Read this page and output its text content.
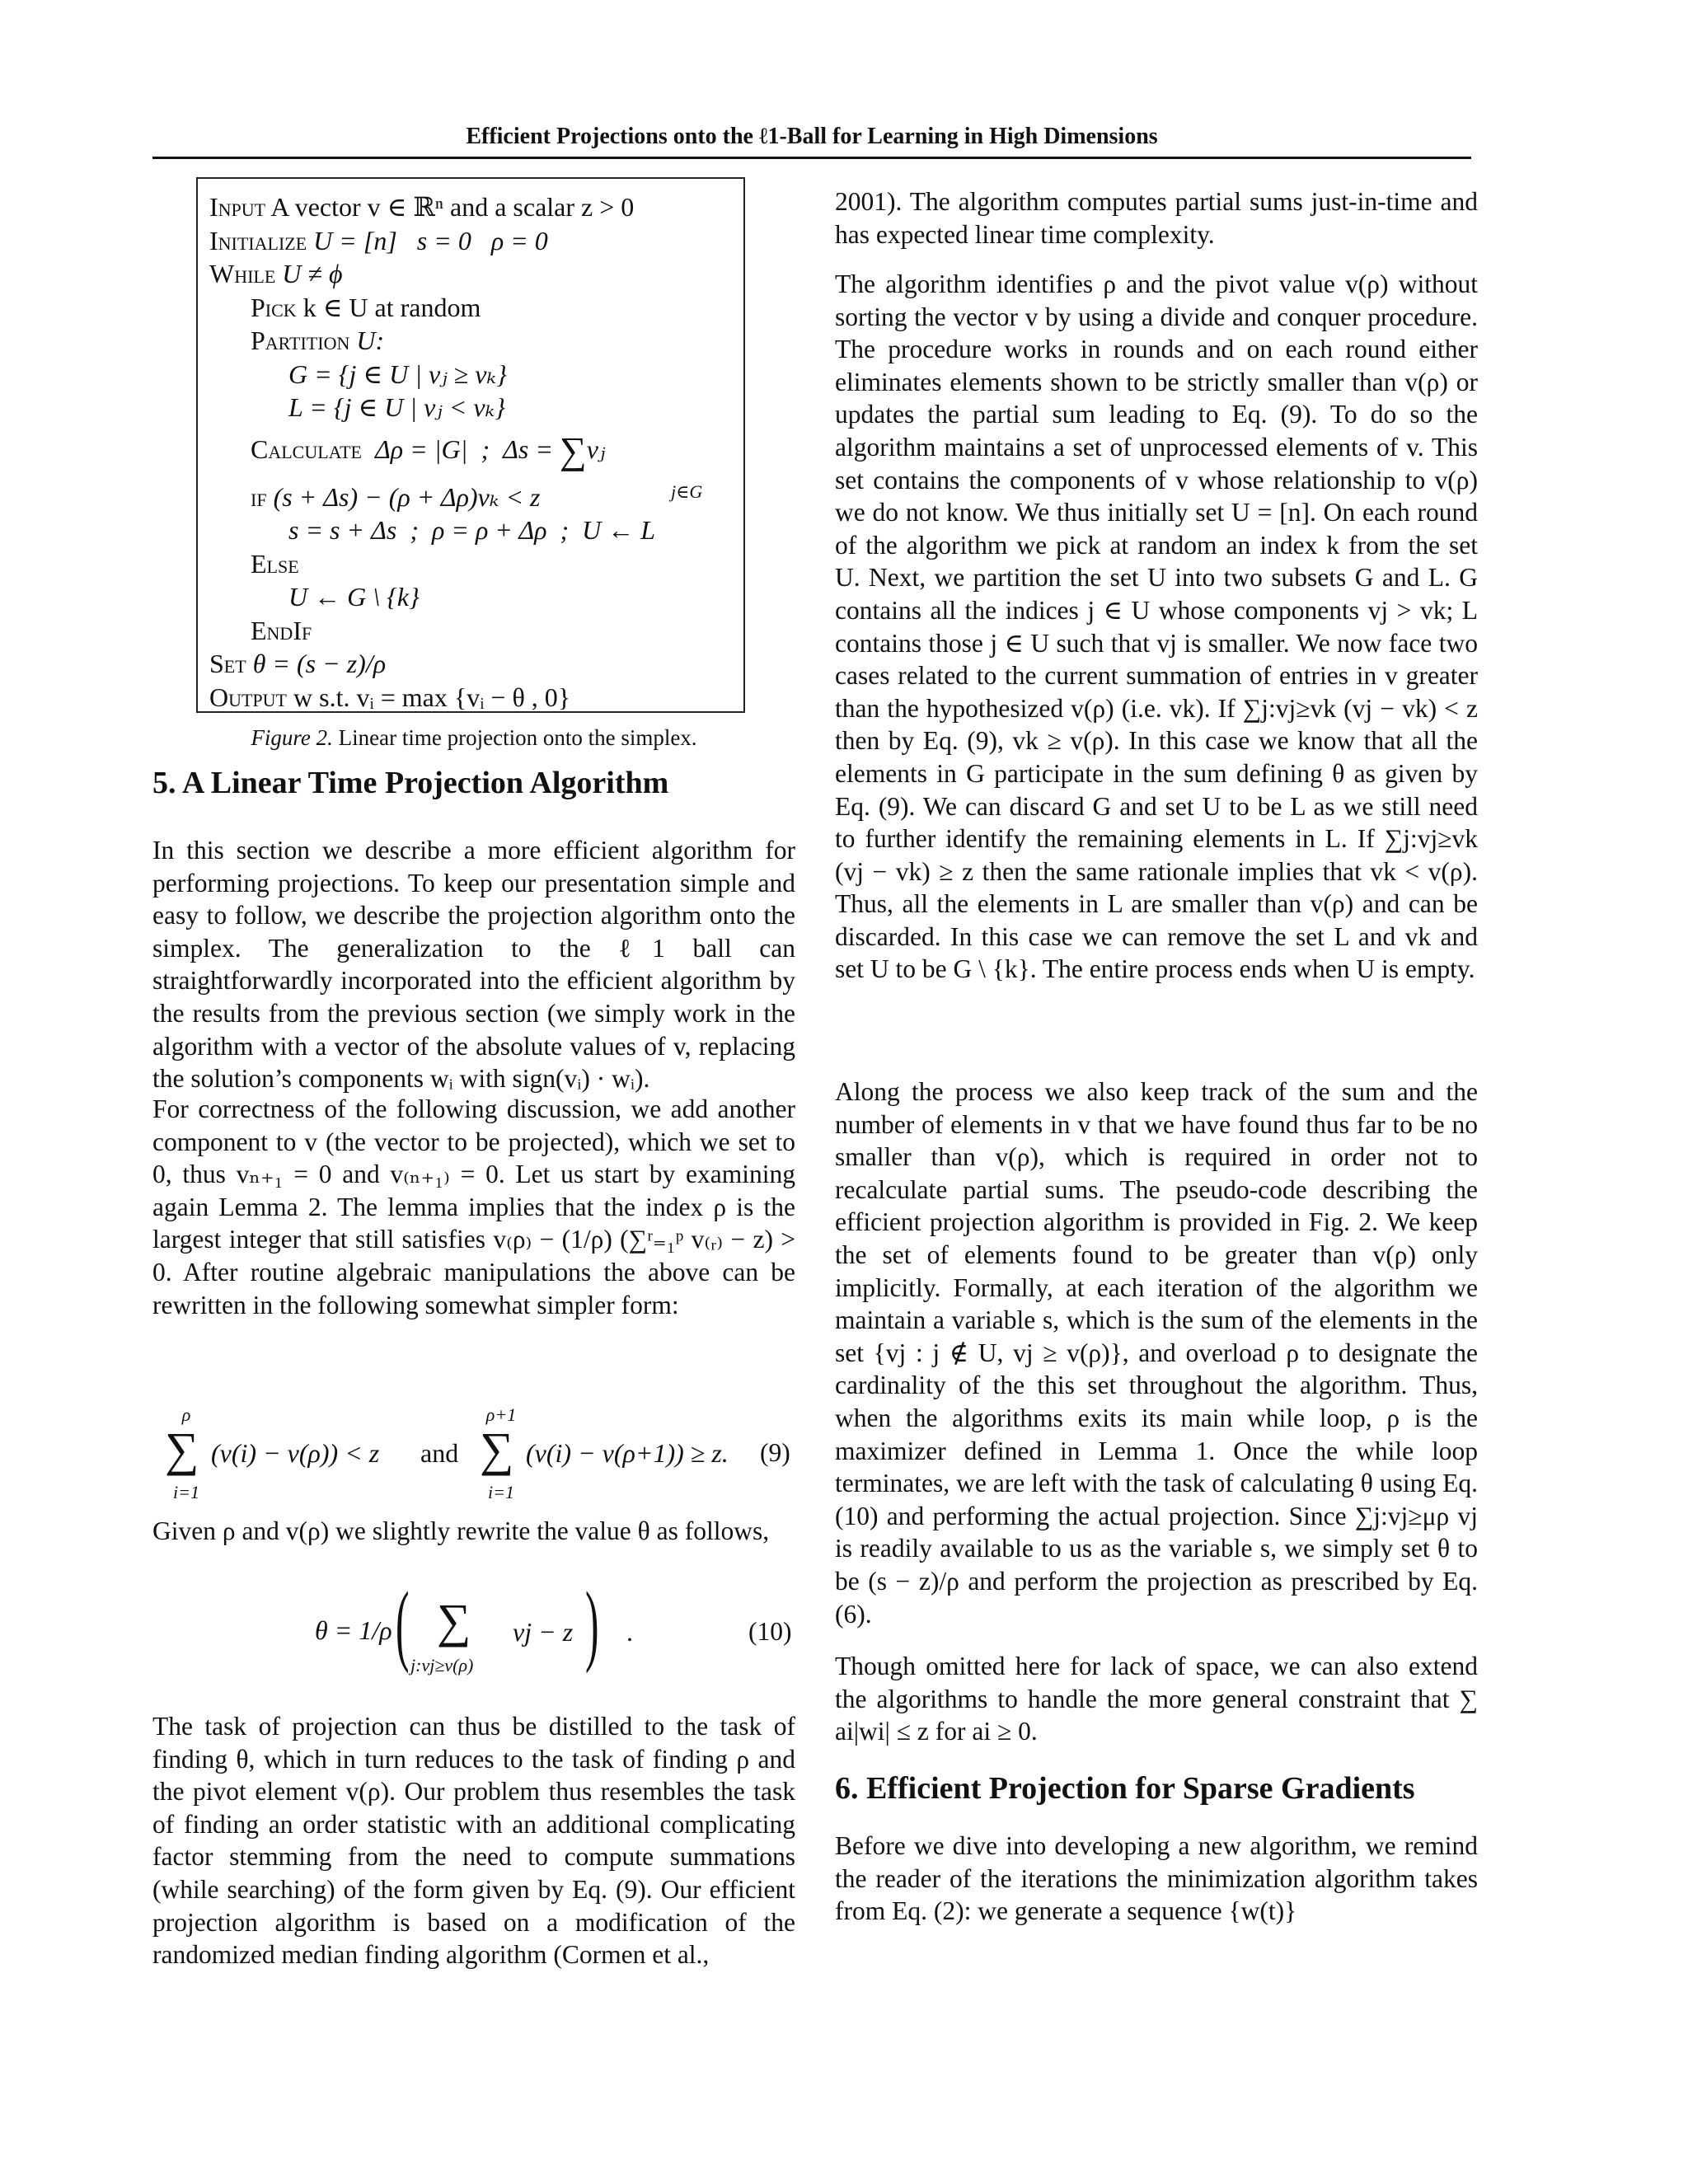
Efficient Projections onto the ℓ1-Ball for Learning in High Dimensions
Input A vector v ∈ ℝⁿ and a scalar z > 0
Initialize U = [n]   s = 0   ρ = 0
While U ≠ ϕ
Pick k ∈ U at random
Partition U:
G = {j ∈ U | vⱼ ≥ vₖ}
L = {j ∈ U | vⱼ < vₖ}
Calculate  Δρ = |G|  ;  Δs = ∑vⱼ
j∈G
if (s + Δs) − (ρ + Δρ)vₖ < z
s = s + Δs  ;  ρ = ρ + Δρ  ;  U ← L
Else
U ← G \ {k}
EndIf
Set θ = (s − z)/ρ
Output w s.t. vᵢ = max {vᵢ − θ , 0}
Figure 2. Linear time projection onto the simplex.
5. A Linear Time Projection Algorithm

In this section we describe a more efficient algorithm for performing projections. To keep our presentation simple and easy to follow, we describe the projection algorithm onto the simplex. The generalization to the ℓ1 ball can straightforwardly incorporated into the efficient algorithm by the results from the previous section (we simply work in the algorithm with a vector of the absolute values of v, replacing the solution’s components wᵢ with sign(vᵢ) · wᵢ).

For correctness of the following discussion, we add another component to v (the vector to be projected), which we set to 0, thus vₙ₊₁ = 0 and v₍ₙ₊₁₎ = 0. Let us start by examining again Lemma 2. The lemma implies that the index ρ is the largest integer that still satisfies v₍ρ₎ − (1/ρ) (∑ʳ₌₁ᵖ v₍ᵣ₎ − z) > 0. After routine algebraic manipulations the above can be rewritten in the following somewhat simpler form:

Given ρ and v(ρ) we slightly rewrite the value θ as follows,

The task of projection can thus be distilled to the task of finding θ, which in turn reduces to the task of finding ρ and the pivot element v(ρ). Our problem thus resembles the task of finding an order statistic with an additional complicating factor stemming from the need to compute summations (while searching) of the form given by Eq. (9). Our efficient projection algorithm is based on a modification of the randomized median finding algorithm (Cormen et al.,

ρ
∑
i=1
(v(i) − v(ρ)) < z and
ρ+1
∑
i=1
(v(i) − v(ρ+1)) ≥ z. (9)
θ = 1/ρ ( ∑
j:vj≥v(ρ)
vj − z ) .	(10)

2001). The algorithm computes partial sums just-in-time and has expected linear time complexity.

The algorithm identifies ρ and the pivot value v(ρ) without sorting the vector v by using a divide and conquer procedure. The procedure works in rounds and on each round either eliminates elements shown to be strictly smaller than v(ρ) or updates the partial sum leading to Eq. (9). To do so the algorithm maintains a set of unprocessed elements of v. This set contains the components of v whose relationship to v(ρ) we do not know. We thus initially set U = [n]. On each round of the algorithm we pick at random an index k from the set U. Next, we partition the set U into two subsets G and L. G contains all the indices j ∈ U whose components vj > vk; L contains those j ∈ U such that vj is smaller. We now face two cases related to the current summation of entries in v greater than the hypothesized v(ρ) (i.e. vk). If ∑j:vj≥vk (vj − vk) < z then by Eq. (9), vk ≥ v(ρ). In this case we know that all the elements in G participate in the sum defining θ as given by Eq. (9). We can discard G and set U to be L as we still need to further identify the remaining elements in L. If ∑j:vj≥vk (vj − vk) ≥ z then the same rationale implies that vk < v(ρ). Thus, all the elements in L are smaller than v(ρ) and can be discarded. In this case we can remove the set L and vk and set U to be G \ {k}. The entire process ends when U is empty.

Along the process we also keep track of the sum and the number of elements in v that we have found thus far to be no smaller than v(ρ), which is required in order not to recalculate partial sums. The pseudo-code describing the efficient projection algorithm is provided in Fig. 2. We keep the set of elements found to be greater than v(ρ) only implicitly. Formally, at each iteration of the algorithm we maintain a variable s, which is the sum of the elements in the set {vj : j ∉ U, vj ≥ v(ρ)}, and overload ρ to designate the cardinality of the this set throughout the algorithm. Thus, when the algorithms exits its main while loop, ρ is the maximizer defined in Lemma 1. Once the while loop terminates, we are left with the task of calculating θ using Eq. (10) and performing the actual projection. Since ∑j:vj≥μρ vj is readily available to us as the variable s, we simply set θ to be (s − z)/ρ and perform the projection as prescribed by Eq. (6).

Though omitted here for lack of space, we can also extend the algorithms to handle the more general constraint that ∑ ai|wi| ≤ z for ai ≥ 0.

Before we dive into developing a new algorithm, we remind the reader of the iterations the minimization algorithm takes from Eq. (2): we generate a sequence {w(t)}

6. Efficient Projection for Sparse Gradients
